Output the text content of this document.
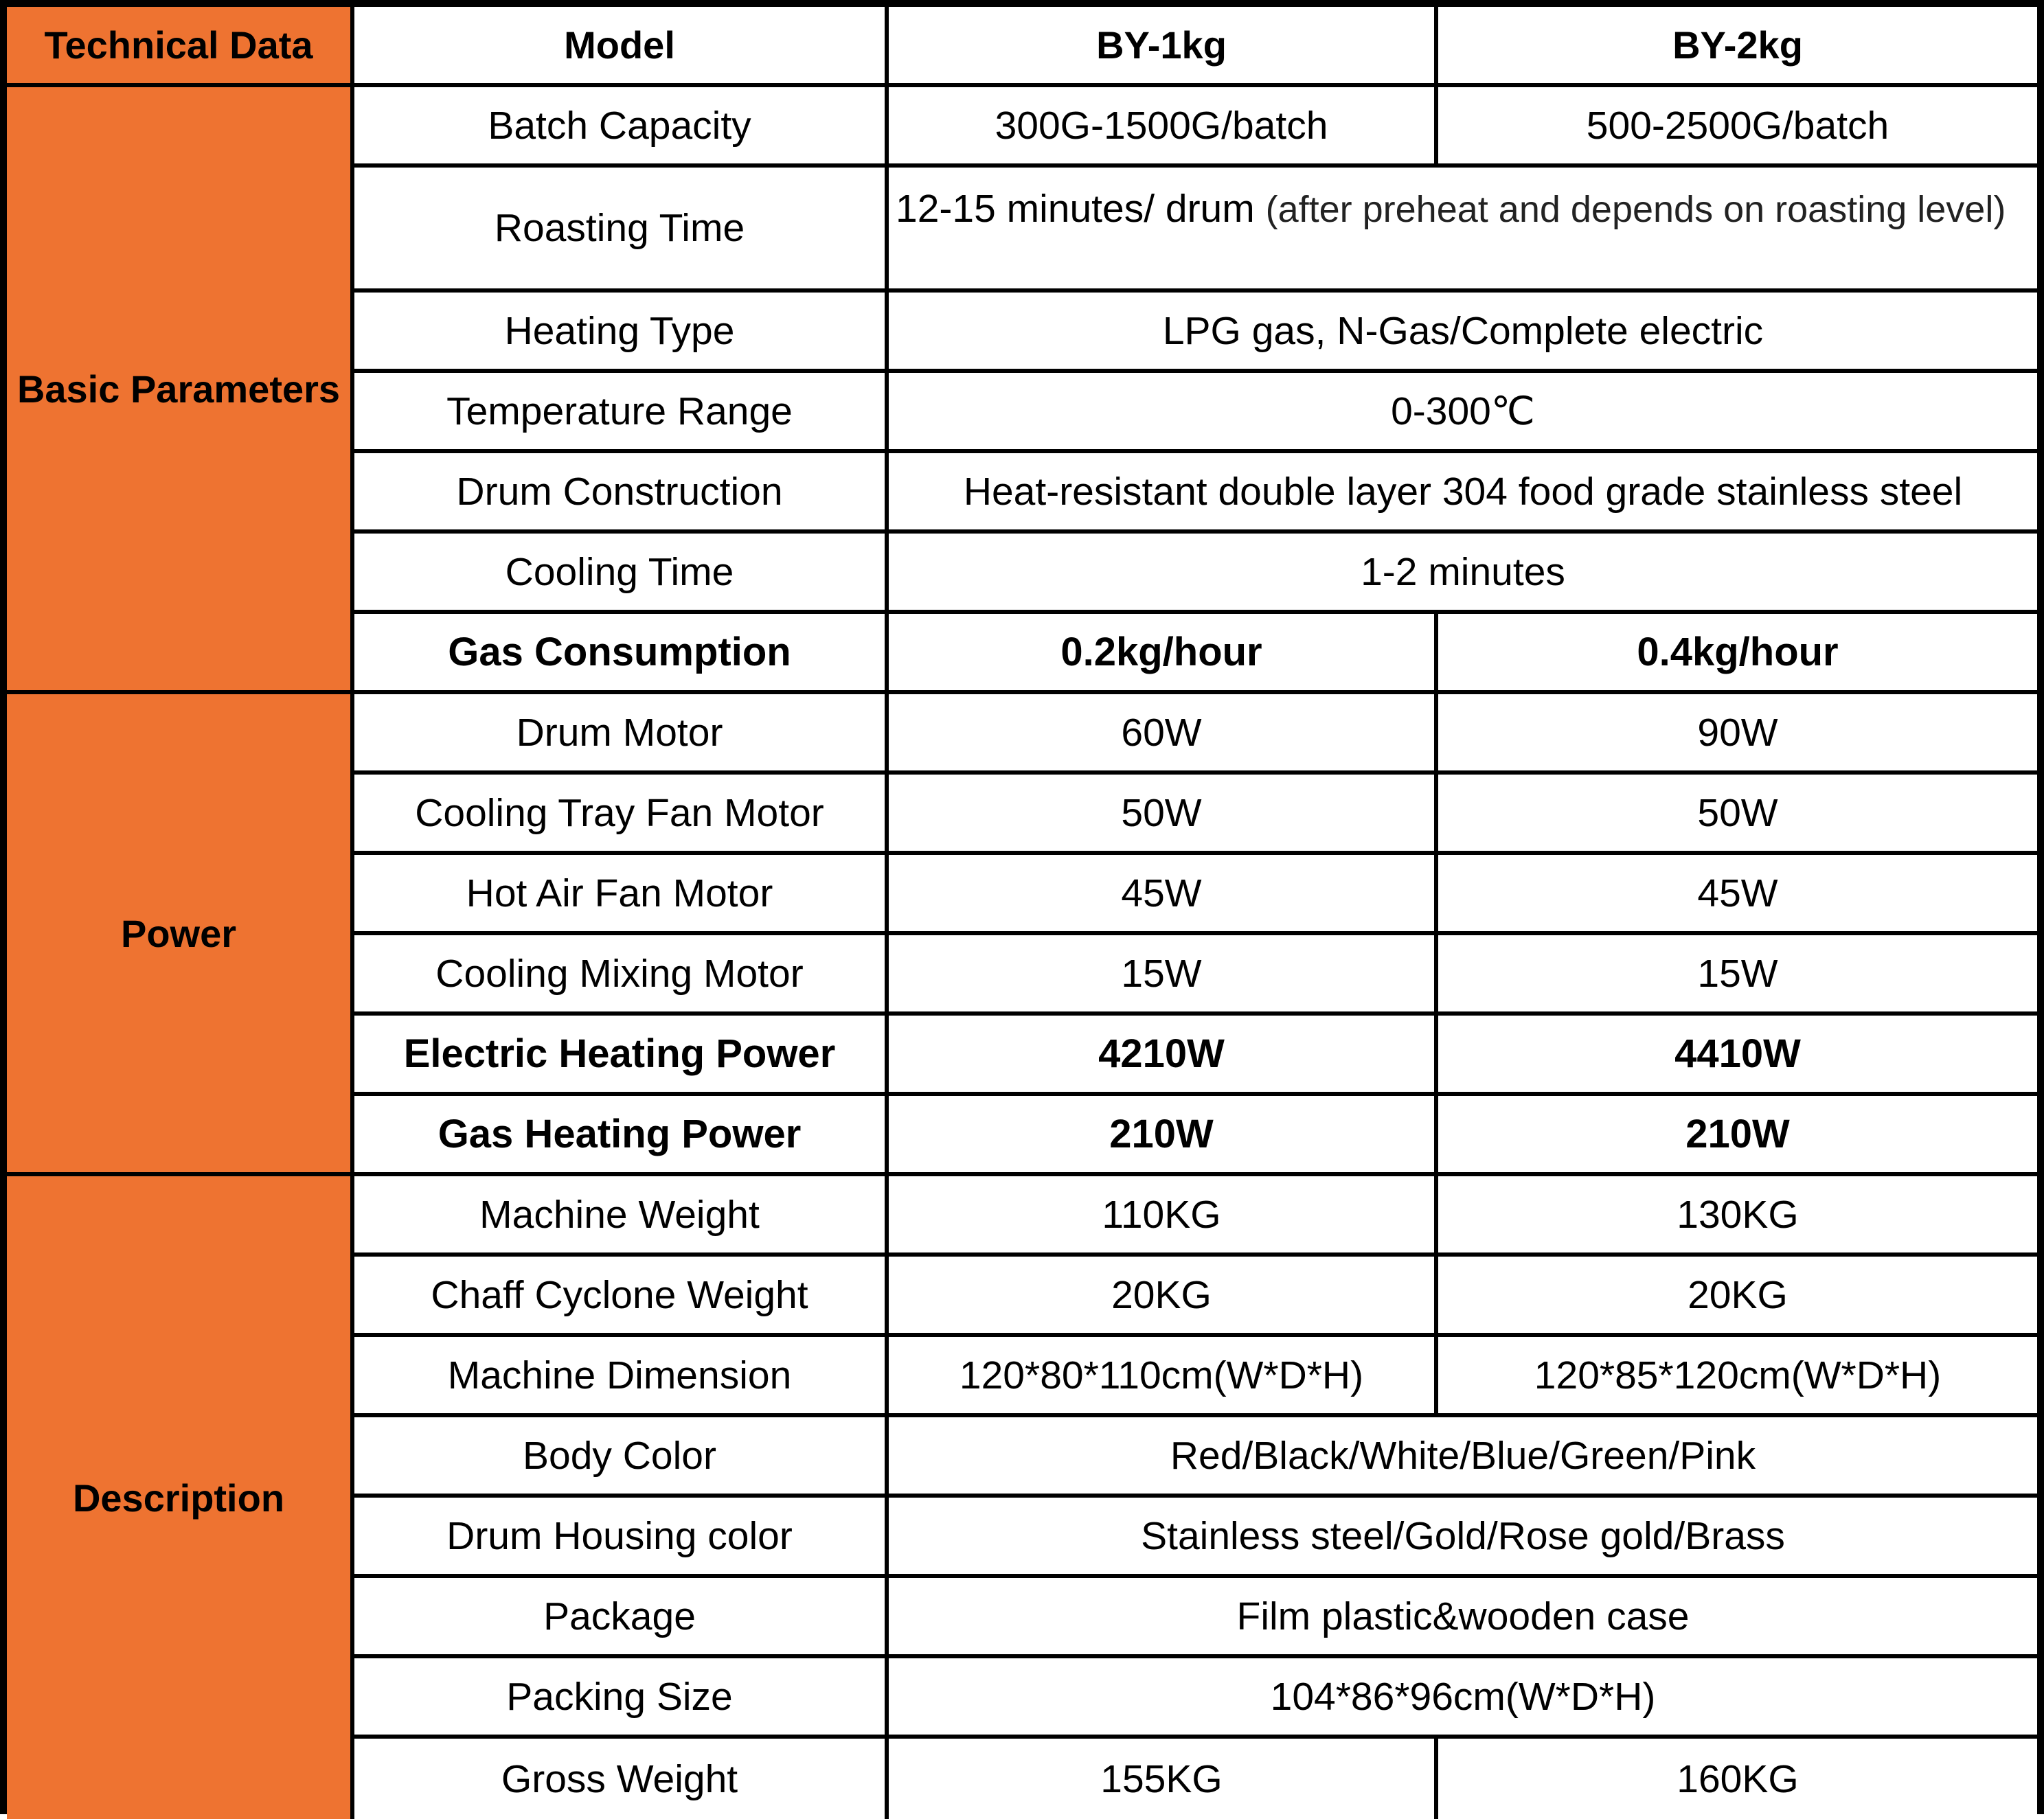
Technical Data	Model	BY-1kg	BY-2kg
Basic Parameters
Batch Capacity	300G-1500G/batch	500-2500G/batch
Roasting Time	12-15 minutes/ drum (after preheat and depends on roasting level)
Heating Type	LPG gas, N-Gas/Complete electric
Temperature Range	0-300℃
Drum Construction	Heat-resistant double layer 304 food grade stainless steel
Cooling Time	1-2 minutes
Gas Consumption	0.2kg/hour	0.4kg/hour
Power
Drum Motor	60W	90W
Cooling Tray Fan Motor	50W	50W
Hot Air Fan Motor	45W	45W
Cooling Mixing Motor	15W	15W
Electric Heating Power	4210W	4410W
Gas Heating Power	210W	210W
Description
Machine Weight	110KG	130KG
Chaff Cyclone Weight	20KG	20KG
Machine Dimension	120*80*110cm(W*D*H)	120*85*120cm(W*D*H)
Body Color	Red/Black/White/Blue/Green/Pink
Drum Housing color	Stainless steel/Gold/Rose gold/Brass
Package	Film plastic&wooden case
Packing Size	104*86*96cm(W*D*H)
Gross Weight	155KG	160KG
